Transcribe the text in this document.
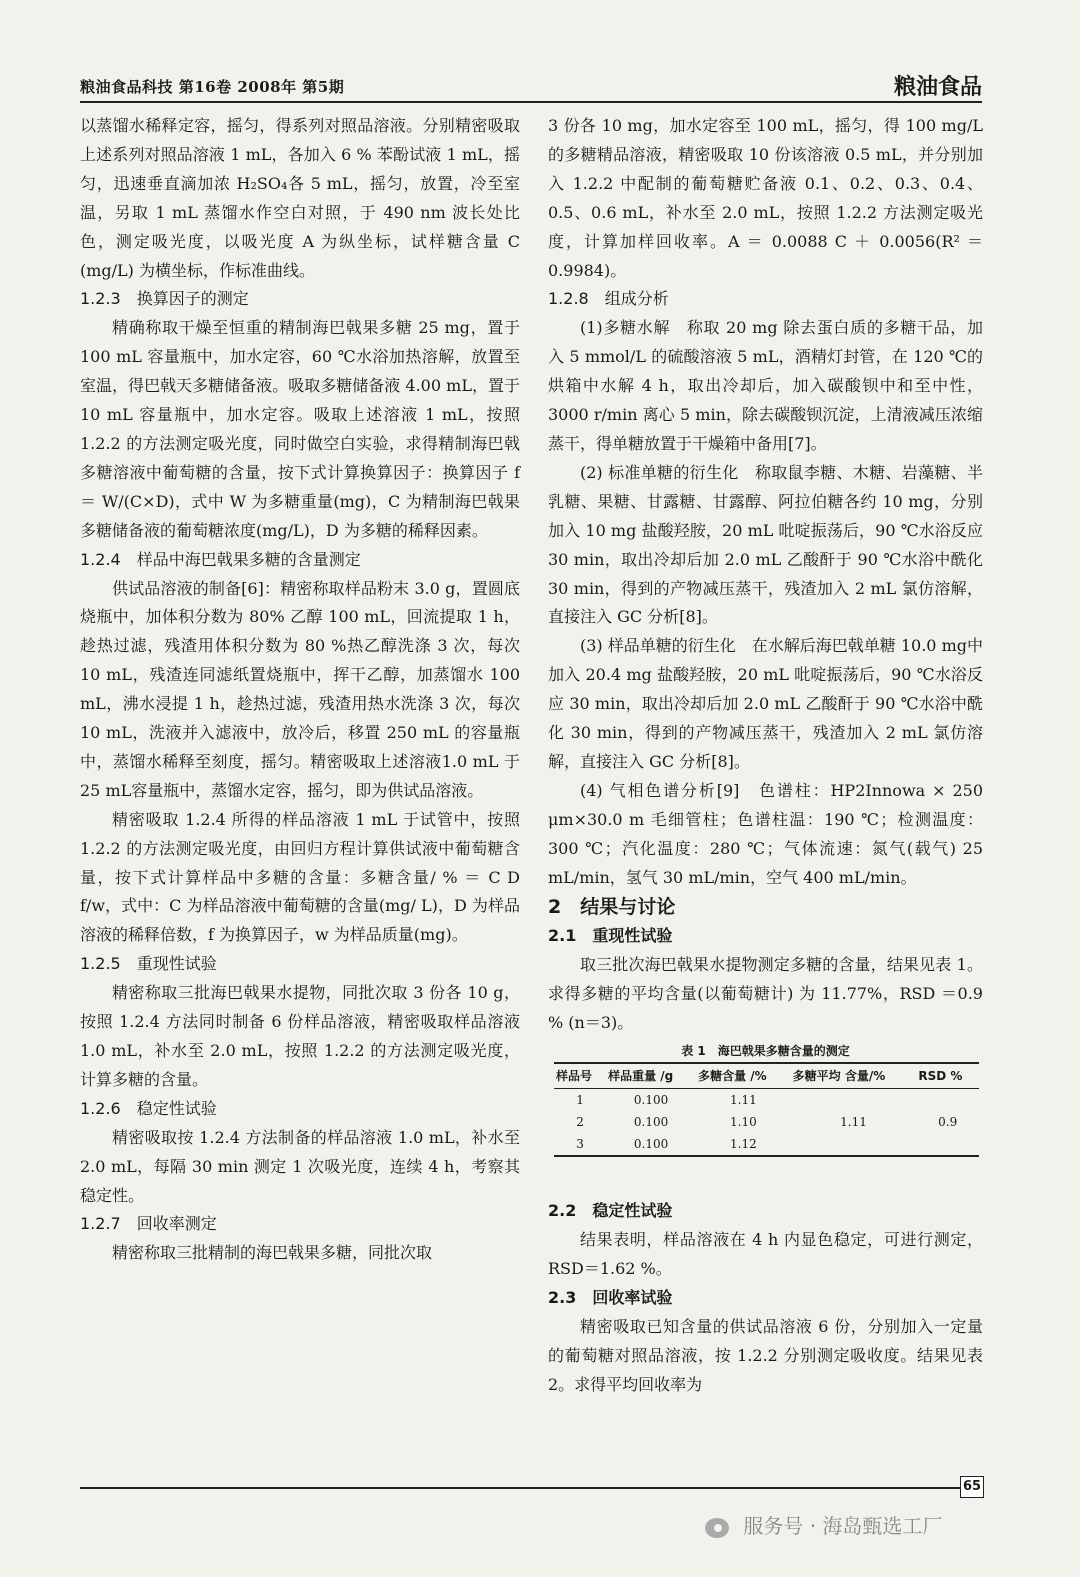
粮油食品科技 第16卷 2008年 第5期	粮油食品

以蒸馏水稀释定容，摇匀，得系列对照品溶液。分别精密吸取上述系列对照品溶液 1 mL，各加入 6 % 苯酚试液 1 mL，摇匀，迅速垂直滴加浓 H₂SO₄各 5 mL，摇匀，放置，冷至室温，另取 1 mL 蒸馏水作空白对照，于 490 nm 波长处比色，测定吸光度，以吸光度 A 为纵坐标，试样糖含量 C (mg/L) 为横坐标，作标准曲线。

1.2.3　换算因子的测定

精确称取干燥至恒重的精制海巴戟果多糖 25 mg，置于 100 mL 容量瓶中，加水定容，60 ℃水浴加热溶解，放置至室温，得巴戟天多糖储备液。吸取多糖储备液 4.00 mL，置于 10 mL 容量瓶中，加水定容。吸取上述溶液 1 mL，按照 1.2.2 的方法测定吸光度，同时做空白实验，求得精制海巴戟多糖溶液中葡萄糖的含量，按下式计算换算因子：换算因子 f ＝ W/(C×D)，式中 W 为多糖重量(mg)，C 为精制海巴戟果多糖储备液的葡萄糖浓度(mg/L)，D 为多糖的稀释因素。

1.2.4　样品中海巴戟果多糖的含量测定

供试品溶液的制备[6]：精密称取样品粉末 3.0 g，置圆底烧瓶中，加体积分数为 80% 乙醇 100 mL，回流提取 1 h，趁热过滤，残渣用体积分数为 80 %热乙醇洗涤 3 次，每次 10 mL，残渣连同滤纸置烧瓶中，挥干乙醇，加蒸馏水 100 mL，沸水浸提 1 h，趁热过滤，残渣用热水洗涤 3 次，每次 10 mL，洗液并入滤液中，放冷后，移置 250 mL 的容量瓶中，蒸馏水稀释至刻度，摇匀。精密吸取上述溶液1.0 mL 于25 mL容量瓶中，蒸馏水定容，摇匀，即为供试品溶液。

精密吸取 1.2.4 所得的样品溶液 1 mL 于试管中，按照 1.2.2 的方法测定吸光度，由回归方程计算供试液中葡萄糖含量，按下式计算样品中多糖的含量：多糖含量/ % ＝ C D f/w，式中：C 为样品溶液中葡萄糖的含量(mg/ L)，D 为样品溶液的稀释倍数，f 为换算因子，w 为样品质量(mg)。

1.2.5　重现性试验

精密称取三批海巴戟果水提物，同批次取 3 份各 10 g，按照 1.2.4 方法同时制备 6 份样品溶液，精密吸取样品溶液 1.0 mL，补水至 2.0 mL，按照 1.2.2 的方法测定吸光度，计算多糖的含量。

1.2.6　稳定性试验

精密吸取按 1.2.4 方法制备的样品溶液 1.0 mL，补水至 2.0 mL，每隔 30 min 测定 1 次吸光度，连续 4 h，考察其稳定性。

1.2.7　回收率测定

精密称取三批精制的海巴戟果多糖，同批次取

3 份各 10 mg，加水定容至 100 mL，摇匀，得 100 mg/L 的多糖精品溶液，精密吸取 10 份该溶液 0.5 mL，并分别加入 1.2.2 中配制的葡萄糖贮备液 0.1、0.2、0.3、0.4、0.5、0.6 mL，补水至 2.0 mL，按照 1.2.2 方法测定吸光度，计算加样回收率。A ＝ 0.0088 C ＋ 0.0056(R² ＝ 0.9984)。

1.2.8　组成分析

(1)多糖水解　称取 20 mg 除去蛋白质的多糖干品，加入 5 mmol/L 的硫酸溶液 5 mL，酒精灯封管，在 120 ℃的烘箱中水解 4 h，取出冷却后，加入碳酸钡中和至中性，3000 r/min 离心 5 min，除去碳酸钡沉淀，上清液减压浓缩蒸干，得单糖放置于干燥箱中备用[7]。

(2) 标准单糖的衍生化　称取鼠李糖、木糖、岩藻糖、半乳糖、果糖、甘露糖、甘露醇、阿拉伯糖各约 10 mg，分别加入 10 mg 盐酸羟胺，20 mL 吡啶振荡后，90 ℃水浴反应 30 min，取出冷却后加 2.0 mL 乙酸酐于 90 ℃水浴中酰化 30 min，得到的产物减压蒸干，残渣加入 2 mL 氯仿溶解，直接注入 GC 分析[8]。

(3) 样品单糖的衍生化　在水解后海巴戟单糖 10.0 mg中加入 20.4 mg 盐酸羟胺，20 mL 吡啶振荡后，90 ℃水浴反应 30 min，取出冷却后加 2.0 mL 乙酸酐于 90 ℃水浴中酰化 30 min，得到的产物减压蒸干，残渣加入 2 mL 氯仿溶解，直接注入 GC 分析[8]。

(4) 气相色谱分析[9]　色谱柱：HP2Innowa × 250 μm×30.0 m 毛细管柱；色谱柱温：190 ℃；检测温度：300 ℃；汽化温度：280 ℃；气体流速：氮气(载气) 25 mL/min，氢气 30 mL/min，空气 400 mL/min。

2　结果与讨论

2.1　重现性试验

取三批次海巴戟果水提物测定多糖的含量，结果见表 1。求得多糖的平均含量(以葡萄糖计) 为 11.77%，RSD ＝0.9 % (n＝3)。

表 1　海巴戟果多糖含量的测定
样品号	样品重量 /g	多糖含量 /%	多糖平均 含量/%	RSD %
1	0.100	1.11		
2	0.100	1.10	1.11	0.9
3	0.100	1.12		

2.2　稳定性试验

结果表明，样品溶液在 4 h 内显色稳定，可进行测定，RSD＝1.62 %。

2.3　回收率试验

精密吸取已知含量的供试品溶液 6 份，分别加入一定量的葡萄糖对照品溶液，按 1.2.2 分别测定吸收度。结果见表 2。求得平均回收率为

65
服务号 · 海岛甄选工厂
